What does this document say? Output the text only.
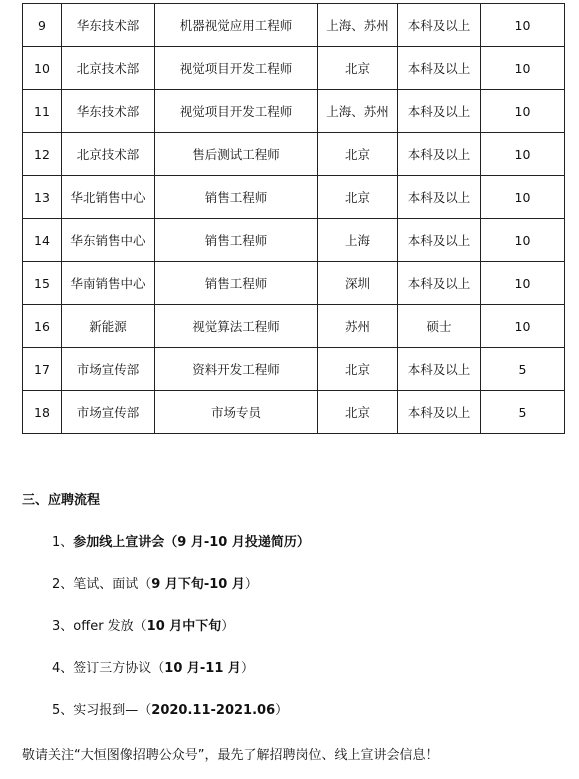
9	华东技术部	机器视觉应用工程师	上海、苏州	本科及以上	10
10	北京技术部	视觉项目开发工程师	北京	本科及以上	10
11	华东技术部	视觉项目开发工程师	上海、苏州	本科及以上	10
12	北京技术部	售后测试工程师	北京	本科及以上	10
13	华北销售中心	销售工程师	北京	本科及以上	10
14	华东销售中心	销售工程师	上海	本科及以上	10
15	华南销售中心	销售工程师	深圳	本科及以上	10
16	新能源	视觉算法工程师	苏州	硕士	10
17	市场宣传部	资料开发工程师	北京	本科及以上	5
18	市场宣传部	市场专员	北京	本科及以上	5
三、应聘流程
1、参加线上宣讲会（9 月-10 月投递简历）
2、笔试、面试（9 月下旬-10 月）
3、offer 发放（10 月中下旬）
4、签订三方协议（10 月-11 月）
5、实习报到—（2020.11-2021.06）
敬请关注“大恒图像招聘公众号”，最先了解招聘岗位、线上宣讲会信息！
